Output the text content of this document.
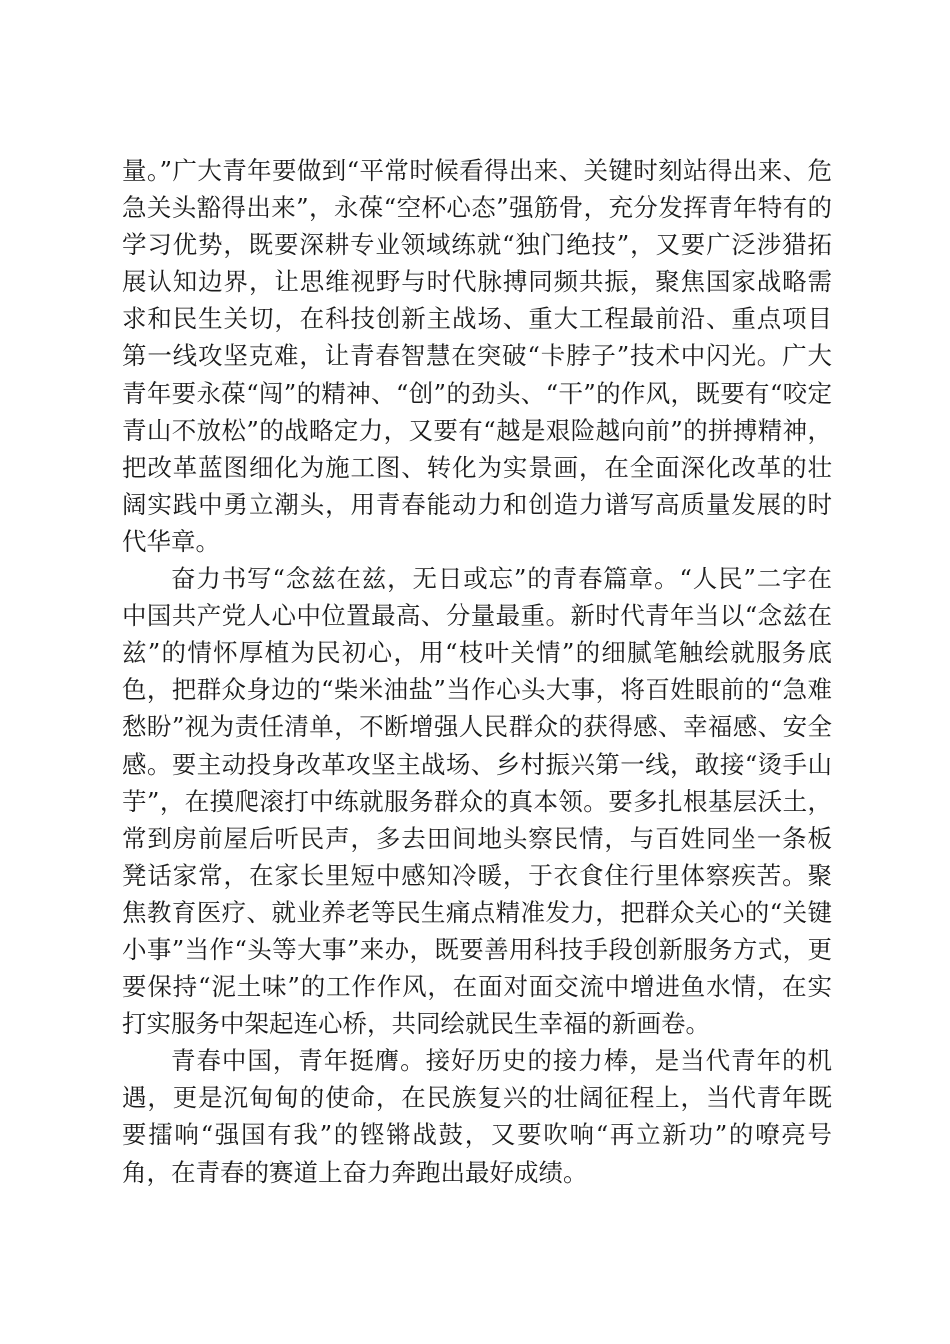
量。”广大青年要做到“平常时候看得出来、关键时刻站得出来、危急关头豁得出来”，永葆“空杯心态”强筋骨，充分发挥青年特有的学习优势，既要深耕专业领域练就“独门绝技”，又要广泛涉猎拓展认知边界，让思维视野与时代脉搏同频共振，聚焦国家战略需求和民生关切，在科技创新主战场、重大工程最前沿、重点项目第一线攻坚克难，让青春智慧在突破“卡脖子”技术中闪光。广大青年要永葆“闯”的精神、“创”的劲头、“干”的作风，既要有“咬定青山不放松”的战略定力，又要有“越是艰险越向前”的拼搏精神，把改革蓝图细化为施工图、转化为实景画，在全面深化改革的壮阔实践中勇立潮头，用青春能动力和创造力谱写高质量发展的时代华章。

奋力书写“念兹在兹，无日或忘”的青春篇章。“人民”二字在中国共产党人心中位置最高、分量最重。新时代青年当以“念兹在兹”的情怀厚植为民初心，用“枝叶关情”的细腻笔触绘就服务底色，把群众身边的“柴米油盐”当作心头大事，将百姓眼前的“急难愁盼”视为责任清单，不断增强人民群众的获得感、幸福感、安全感。要主动投身改革攻坚主战场、乡村振兴第一线，敢接“烫手山芋”，在摸爬滚打中练就服务群众的真本领。要多扎根基层沃土，常到房前屋后听民声，多去田间地头察民情，与百姓同坐一条板凳话家常，在家长里短中感知冷暖，于衣食住行里体察疾苦。聚焦教育医疗、就业养老等民生痛点精准发力，把群众关心的“关键小事”当作“头等大事”来办，既要善用科技手段创新服务方式，更要保持“泥土味”的工作作风，在面对面交流中增进鱼水情，在实打实服务中架起连心桥，共同绘就民生幸福的新画卷。

青春中国，青年挺膺。接好历史的接力棒，是当代青年的机遇，更是沉甸甸的使命，在民族复兴的壮阔征程上，当代青年既要擂响“强国有我”的铿锵战鼓，又要吹响“再立新功”的嘹亮号角，在青春的赛道上奋力奔跑出最好成绩。
